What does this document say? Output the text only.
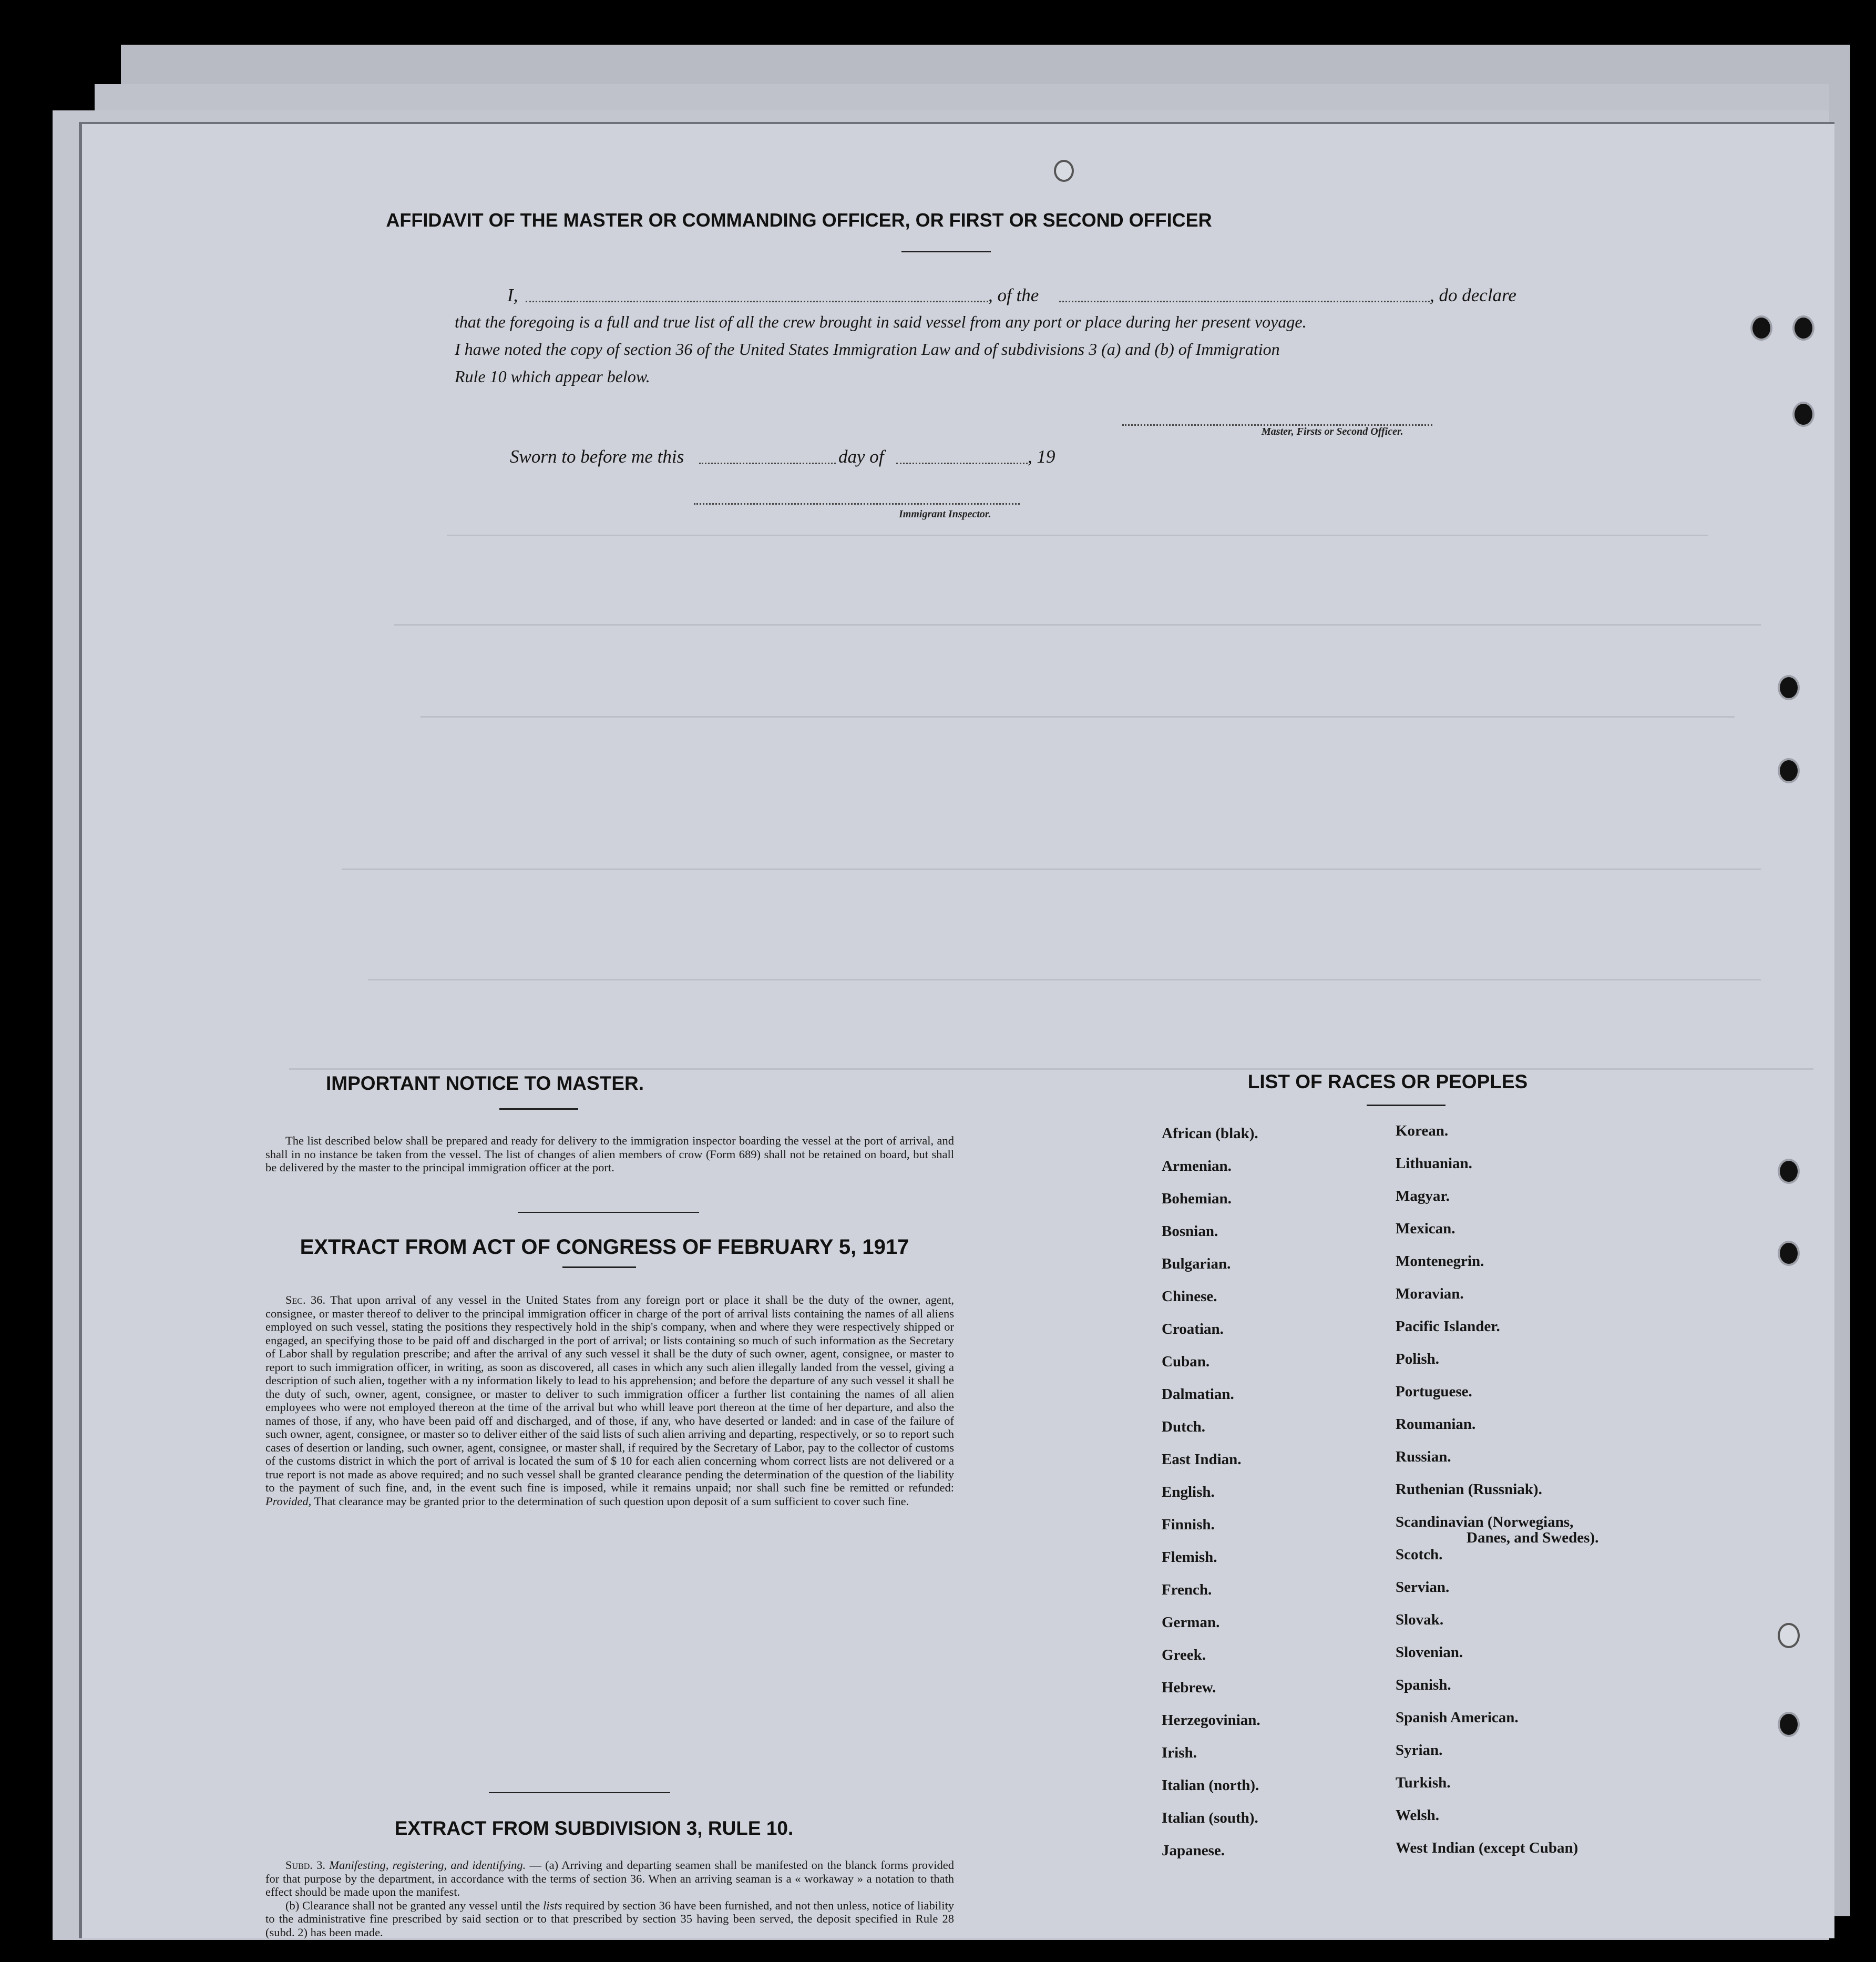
AFFIDAVIT OF THE MASTER OR COMMANDING OFFICER, OR FIRST OR SECOND OFFICER
I,	, of the	, do declare
that the foregoing is a full and true list of all the crew brought in said vessel from any port or place during her present voyage.
I hawe noted the copy of section 36 of the United States Immigration Law and of subdivisions 3 (a) and (b) of Immigration
Rule 10 which appear below.
Master, Firsts or Second Officer.
Sworn to before me this	day of	, 19
Immigrant Inspector.
IMPORTANT NOTICE TO MASTER.
The list described below shall be prepared and ready for delivery to the immigration inspector boarding the vessel at the port of arrival, and shall in no instance be taken from the vessel. The list of changes of alien members of crow (Form 689) shall not be retained on board, but shall be delivered by the master to the principal immigration officer at the port.
EXTRACT FROM ACT OF CONGRESS OF FEBRUARY 5, 1917
Sec. 36. That upon arrival of any vessel in the United States from any foreign port or place it shall be the duty of the owner, agent, consignee, or master thereof to deliver to the principal immigration officer in charge of the port of arrival lists containing the names of all aliens employed on such vessel, stating the positions they respectively hold in the ship's company, when and where they were respectively shipped or engaged, an specifying those to be paid off and discharged in the port of arrival; or lists containing so much of such information as the Secretary of Labor shall by regulation prescribe; and after the arrival of any such vessel it shall be the duty of such owner, agent, consignee, or master to report to such immigration officer, in writing, as soon as discovered, all cases in which any such alien illegally landed from the vessel, giving a description of such alien, together with a ny information likely to lead to his apprehension; and before the departure of any such vessel it shall be the duty of such, owner, agent, consignee, or master to deliver to such immigration officer a further list containing the names of all alien employees who were not employed thereon at the time of the arrival but who whill leave port thereon at the time of her departure, and also the names of those, if any, who have been paid off and discharged, and of those, if any, who have deserted or landed: and in case of the failure of such owner, agent, consignee, or master so to deliver either of the said lists of such alien arriving and departing, respectively, or so to report such cases of desertion or landing, such owner, agent, consignee, or master shall, if required by the Secretary of Labor, pay to the collector of customs of the customs district in which the port of arrival is located the sum of $ 10 for each alien concerning whom correct lists are not delivered or a true report is not made as above required; and no such vessel shall be granted clearance pending the determination of the question of the liability to the payment of such fine, and, in the event such fine is imposed, while it remains unpaid; nor shall such fine be remitted or refunded: Provided, That clearance may be granted prior to the determination of such question upon deposit of a sum sufficient to cover such fine.
EXTRACT FROM SUBDIVISION 3, RULE 10.

Subd. 3. Manifesting, registering, and identifying. — (a) Arriving and departing seamen shall be manifested on the blanck forms provided for that purpose by the department, in accordance with the terms of section 36. When an arriving seaman is a « workaway » a notation to thath effect should be made upon the manifest.

(b) Clearance shall not be granted any vessel until the lists required by section 36 have been furnished, and not then unless, notice of liability to the administrative fine prescribed by said section or to that prescribed by section 35 having been served, the deposit specified in Rule 28 (subd. 2) has been made.

LIST OF RACES OR PEOPLES
African (blak).
Armenian.
Bohemian.
Bosnian.
Bulgarian.
Chinese.
Croatian.
Cuban.
Dalmatian.
Dutch.
East Indian.
English.
Finnish.
Flemish.
French.
German.
Greek.
Hebrew.
Herzegovinian.
Irish.
Italian (north).
Italian (south).
Japanese.
Korean.
Lithuanian.
Magyar.
Mexican.
Montenegrin.
Moravian.
Pacific Islander.
Polish.
Portuguese.
Roumanian.
Russian.
Ruthenian (Russniak).
Scandinavian (Norwegians,
Scotch.
Servian.
Slovak.
Slovenian.
Spanish.
Spanish American.
Syrian.
Turkish.
Welsh.
West Indian (except Cuban)
Danes, and Swedes).
